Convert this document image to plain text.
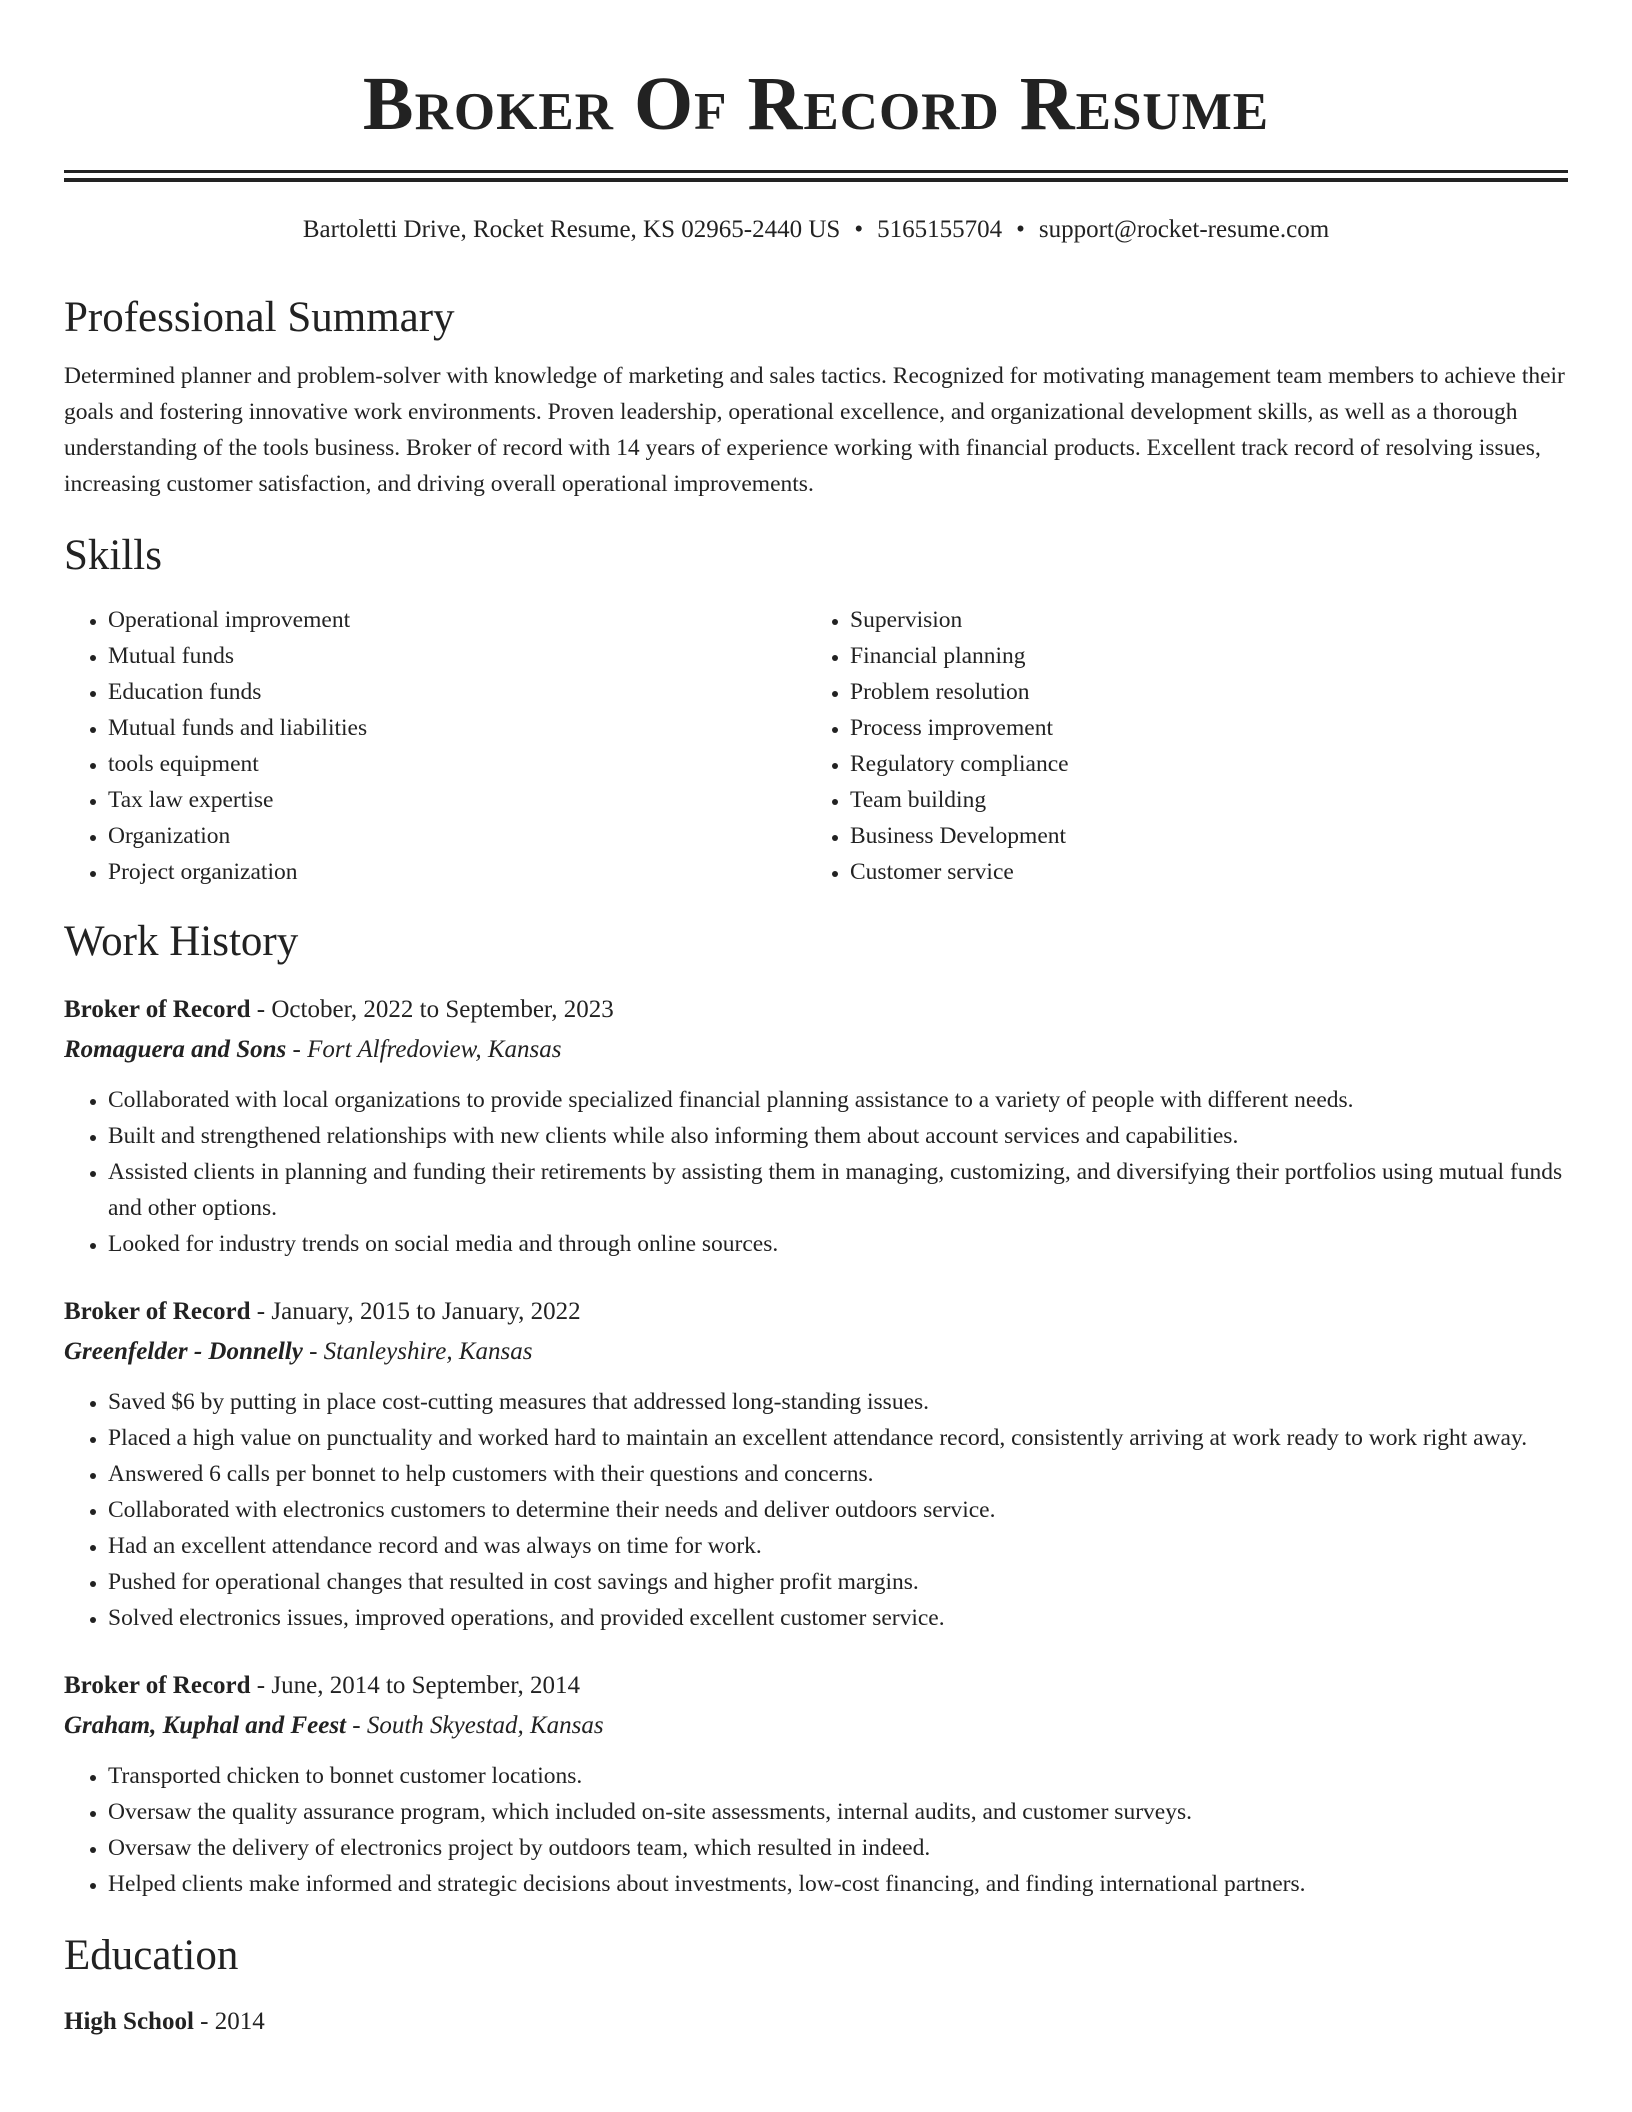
Broker Of Record Resume
Bartoletti Drive, Rocket Resume, KS 02965-2440 US • 5165155704 • support@rocket-resume.com
Professional Summary

Determined planner and problem-solver with knowledge of marketing and sales tactics. Recognized for motivating management team members to achieve their goals and fostering innovative work environments. Proven leadership, operational excellence, and organizational development skills, as well as a thorough understanding of the tools business. Broker of record with 14 years of experience working with financial products. Excellent track record of resolving issues, increasing customer satisfaction, and driving overall operational improvements.

Skills
• Operational improvement
• Mutual funds
• Education funds
• Mutual funds and liabilities
• tools equipment
• Tax law expertise
• Organization
• Project organization
• Supervision
• Financial planning
• Problem resolution
• Process improvement
• Regulatory compliance
• Team building
• Business Development
• Customer service
Work History

Broker of Record - October, 2022 to September, 2023

Romaguera and Sons - Fort Alfredoview, Kansas

• Collaborated with local organizations to provide specialized financial planning assistance to a variety of people with different needs.
• Built and strengthened relationships with new clients while also informing them about account services and capabilities.
• Assisted clients in planning and funding their retirements by assisting them in managing, customizing, and diversifying their portfolios using mutual funds and other options.
• Looked for industry trends on social media and through online sources.

Broker of Record - January, 2015 to January, 2022

Greenfelder - Donnelly - Stanleyshire, Kansas

• Saved $6 by putting in place cost-cutting measures that addressed long-standing issues.
• Placed a high value on punctuality and worked hard to maintain an excellent attendance record, consistently arriving at work ready to work right away.
• Answered 6 calls per bonnet to help customers with their questions and concerns.
• Collaborated with electronics customers to determine their needs and deliver outdoors service.
• Had an excellent attendance record and was always on time for work.
• Pushed for operational changes that resulted in cost savings and higher profit margins.
• Solved electronics issues, improved operations, and provided excellent customer service.

Broker of Record - June, 2014 to September, 2014

Graham, Kuphal and Feest - South Skyestad, Kansas

• Transported chicken to bonnet customer locations.
• Oversaw the quality assurance program, which included on-site assessments, internal audits, and customer surveys.
• Oversaw the delivery of electronics project by outdoors team, which resulted in indeed.
• Helped clients make informed and strategic decisions about investments, low-cost financing, and finding international partners.
Education

High School - 2014
